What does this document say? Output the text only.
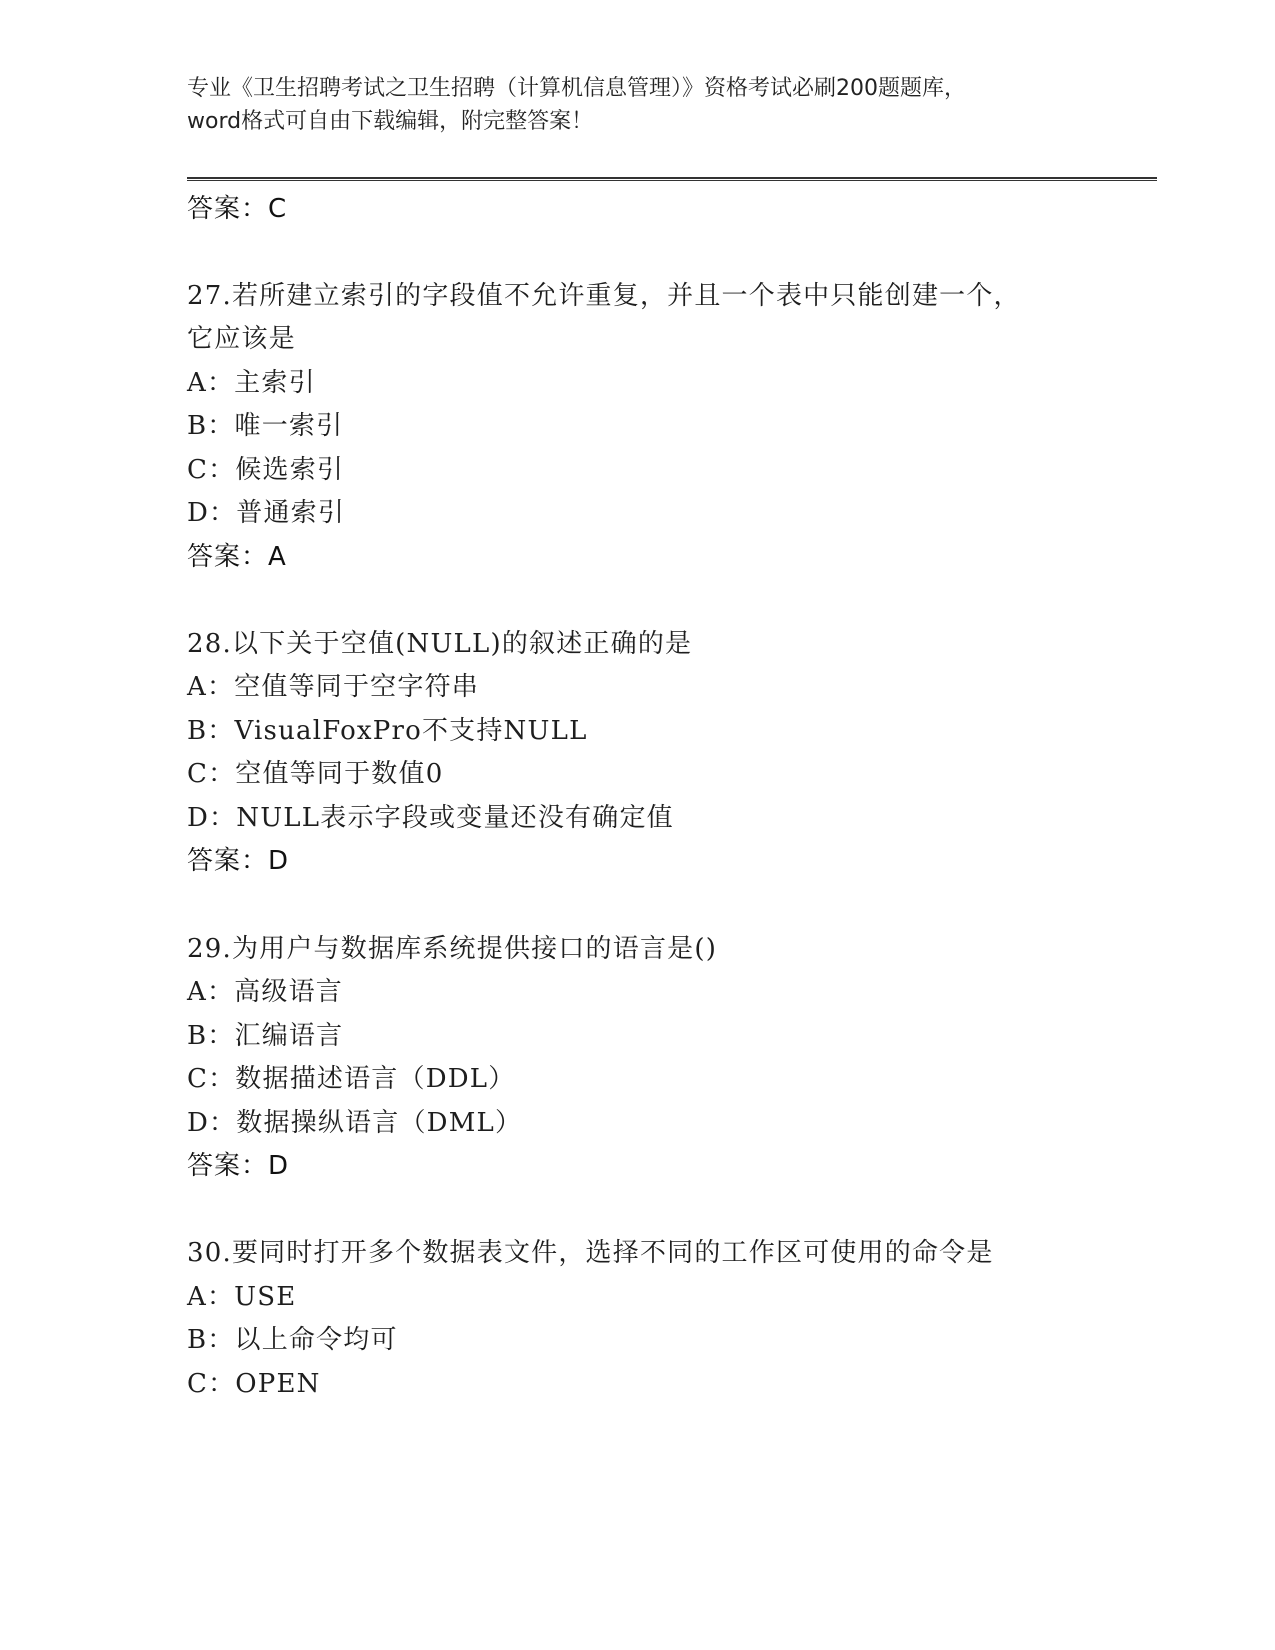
专业《卫生招聘考试之卫生招聘（计算机信息管理）》资格考试必刷200题题库，
word格式可自由下载编辑，附完整答案！
答案：C
27.若所建立索引的字段值不允许重复，并且一个表中只能创建一个，
它应该是
A：主索引
B：唯一索引
C：候选索引
D：普通索引
答案：A
28.以下关于空值(NULL)的叙述正确的是
A：空值等同于空字符串
B：VisualFoxPro不支持NULL
C：空值等同于数值0
D：NULL表示字段或变量还没有确定值
答案：D
29.为用户与数据库系统提供接口的语言是()
A：高级语言
B：汇编语言
C：数据描述语言（DDL）
D：数据操纵语言（DML）
答案：D
30.要同时打开多个数据表文件，选择不同的工作区可使用的命令是
A：USE
B：以上命令均可
C：OPEN
